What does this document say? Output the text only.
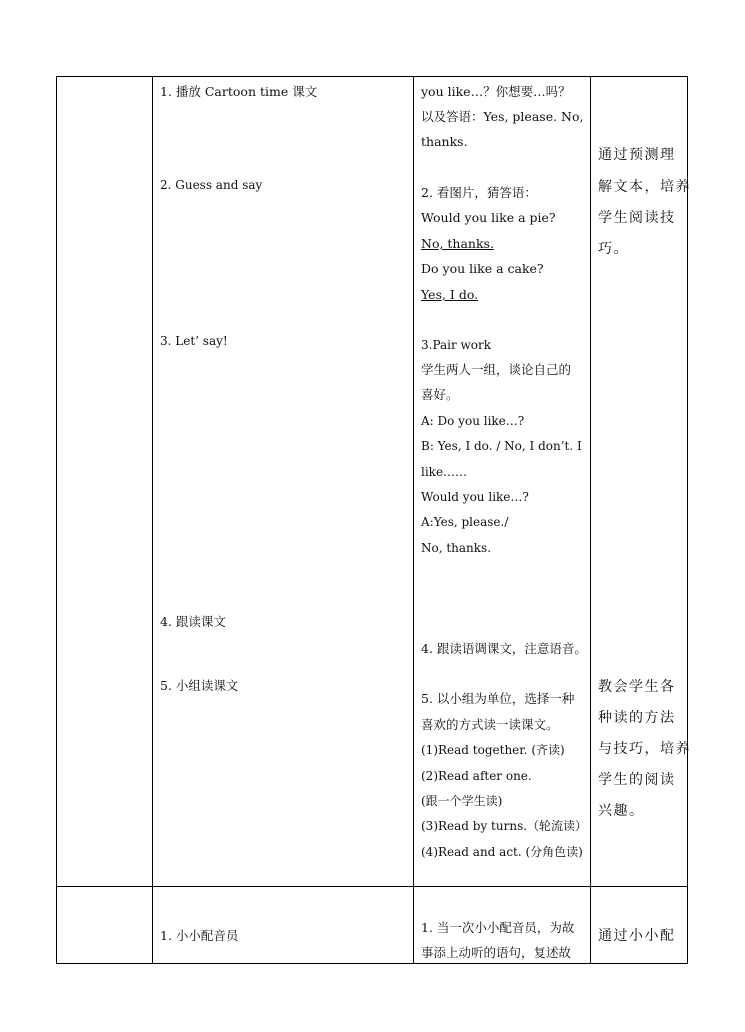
1. 播放 Cartoon time 课文
2. Guess and say
3. Let’ say!
4. 跟读课文
5. 小组读课文
1. 小小配音员
you like…？你想要…吗？
以及答语：Yes, please. No,
thanks.
2. 看图片，猜答语：
Would you like a pie?
No, thanks.
Do you like a cake?
Yes, I do.
3.Pair work
学生两人一组，谈论自己的
喜好。
A: Do you like…?
B: Yes, I do. / No, I don’t. I
like……
Would you like…?
A:Yes, please./
No, thanks.
4. 跟读语调课文，注意语音。
5. 以小组为单位，选择一种
喜欢的方式读一读课文。
(1)Read together. (齐读)
(2)Read after one.
(跟一个学生读)
(3)Read by turns.（轮流读）
(4)Read and act. (分角色读)
1. 当一次小小配音员，为故
事添上动听的语句，复述故
通过预测理
解文本，培养
学生阅读技
巧。
教会学生各
种读的方法
与技巧，培养
学生的阅读
兴趣。
通过小小配
